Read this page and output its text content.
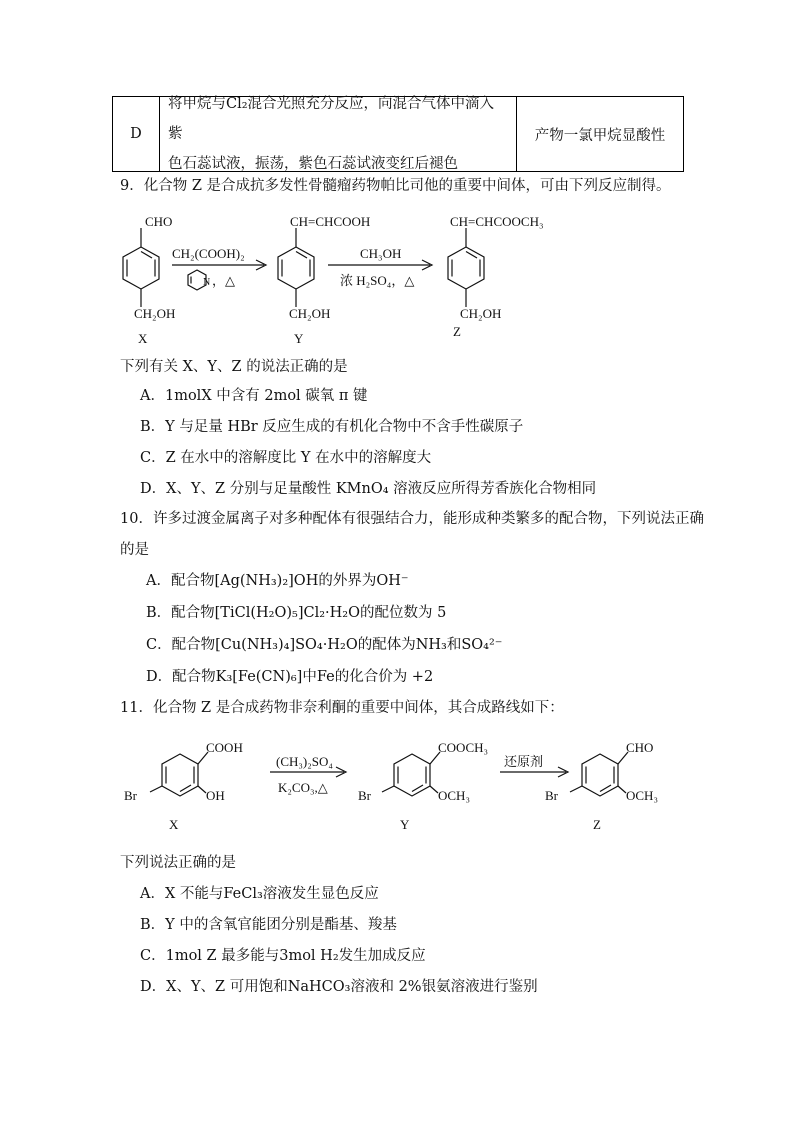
D
将甲烷与Cl₂混合光照充分反应，向混合气体中滴入紫
色石蕊试液，振荡，紫色石蕊试液变红后褪色
产物一氯甲烷显酸性
9．化合物 Z 是合成抗多发性骨髓瘤药物帕比司他的重要中间体，可由下列反应制得。
CHO
CH₂OH
X
CH₂(COOH)₂
N ，△
CH=CHCOOH
CH₂OH
Y
CH₃OH
浓 H₂SO₄，△
CH=CHCOOCH₃
CH₂OH
Z
下列有关 X、Y、Z 的说法正确的是
A．1molX 中含有 2mol 碳氧 π 键
B．Y 与足量 HBr 反应生成的有机化合物中不含手性碳原子
C．Z 在水中的溶解度比 Y 在水中的溶解度大
D．X、Y、Z 分别与足量酸性 KMnO₄ 溶液反应所得芳香族化合物相同
10．许多过渡金属离子对多种配体有很强结合力，能形成种类繁多的配合物，下列说法正确
的是
A．配合物[Ag(NH₃)₂]OH的外界为OH⁻
B．配合物[TiCl(H₂O)₅]Cl₂·H₂O的配位数为 5
C．配合物[Cu(NH₃)₄]SO₄·H₂O的配体为NH₃和SO₄²⁻
D．配合物K₃[Fe(CN)₆]中Fe的化合价为 +2
11．化合物 Z 是合成药物非奈利酮的重要中间体，其合成路线如下：
COOH
OH
Br
X
(CH₃)₂SO₄
K₂CO₃,△
COOCH₃
OCH₃
Br
Y
还原剂
CHO
OCH₃
Br
Z
下列说法正确的是
A．X 不能与FeCl₃溶液发生显色反应
B．Y 中的含氧官能团分别是酯基、羧基
C．1mol Z 最多能与3mol H₂发生加成反应
D．X、Y、Z 可用饱和NaHCO₃溶液和 2%银氨溶液进行鉴别
